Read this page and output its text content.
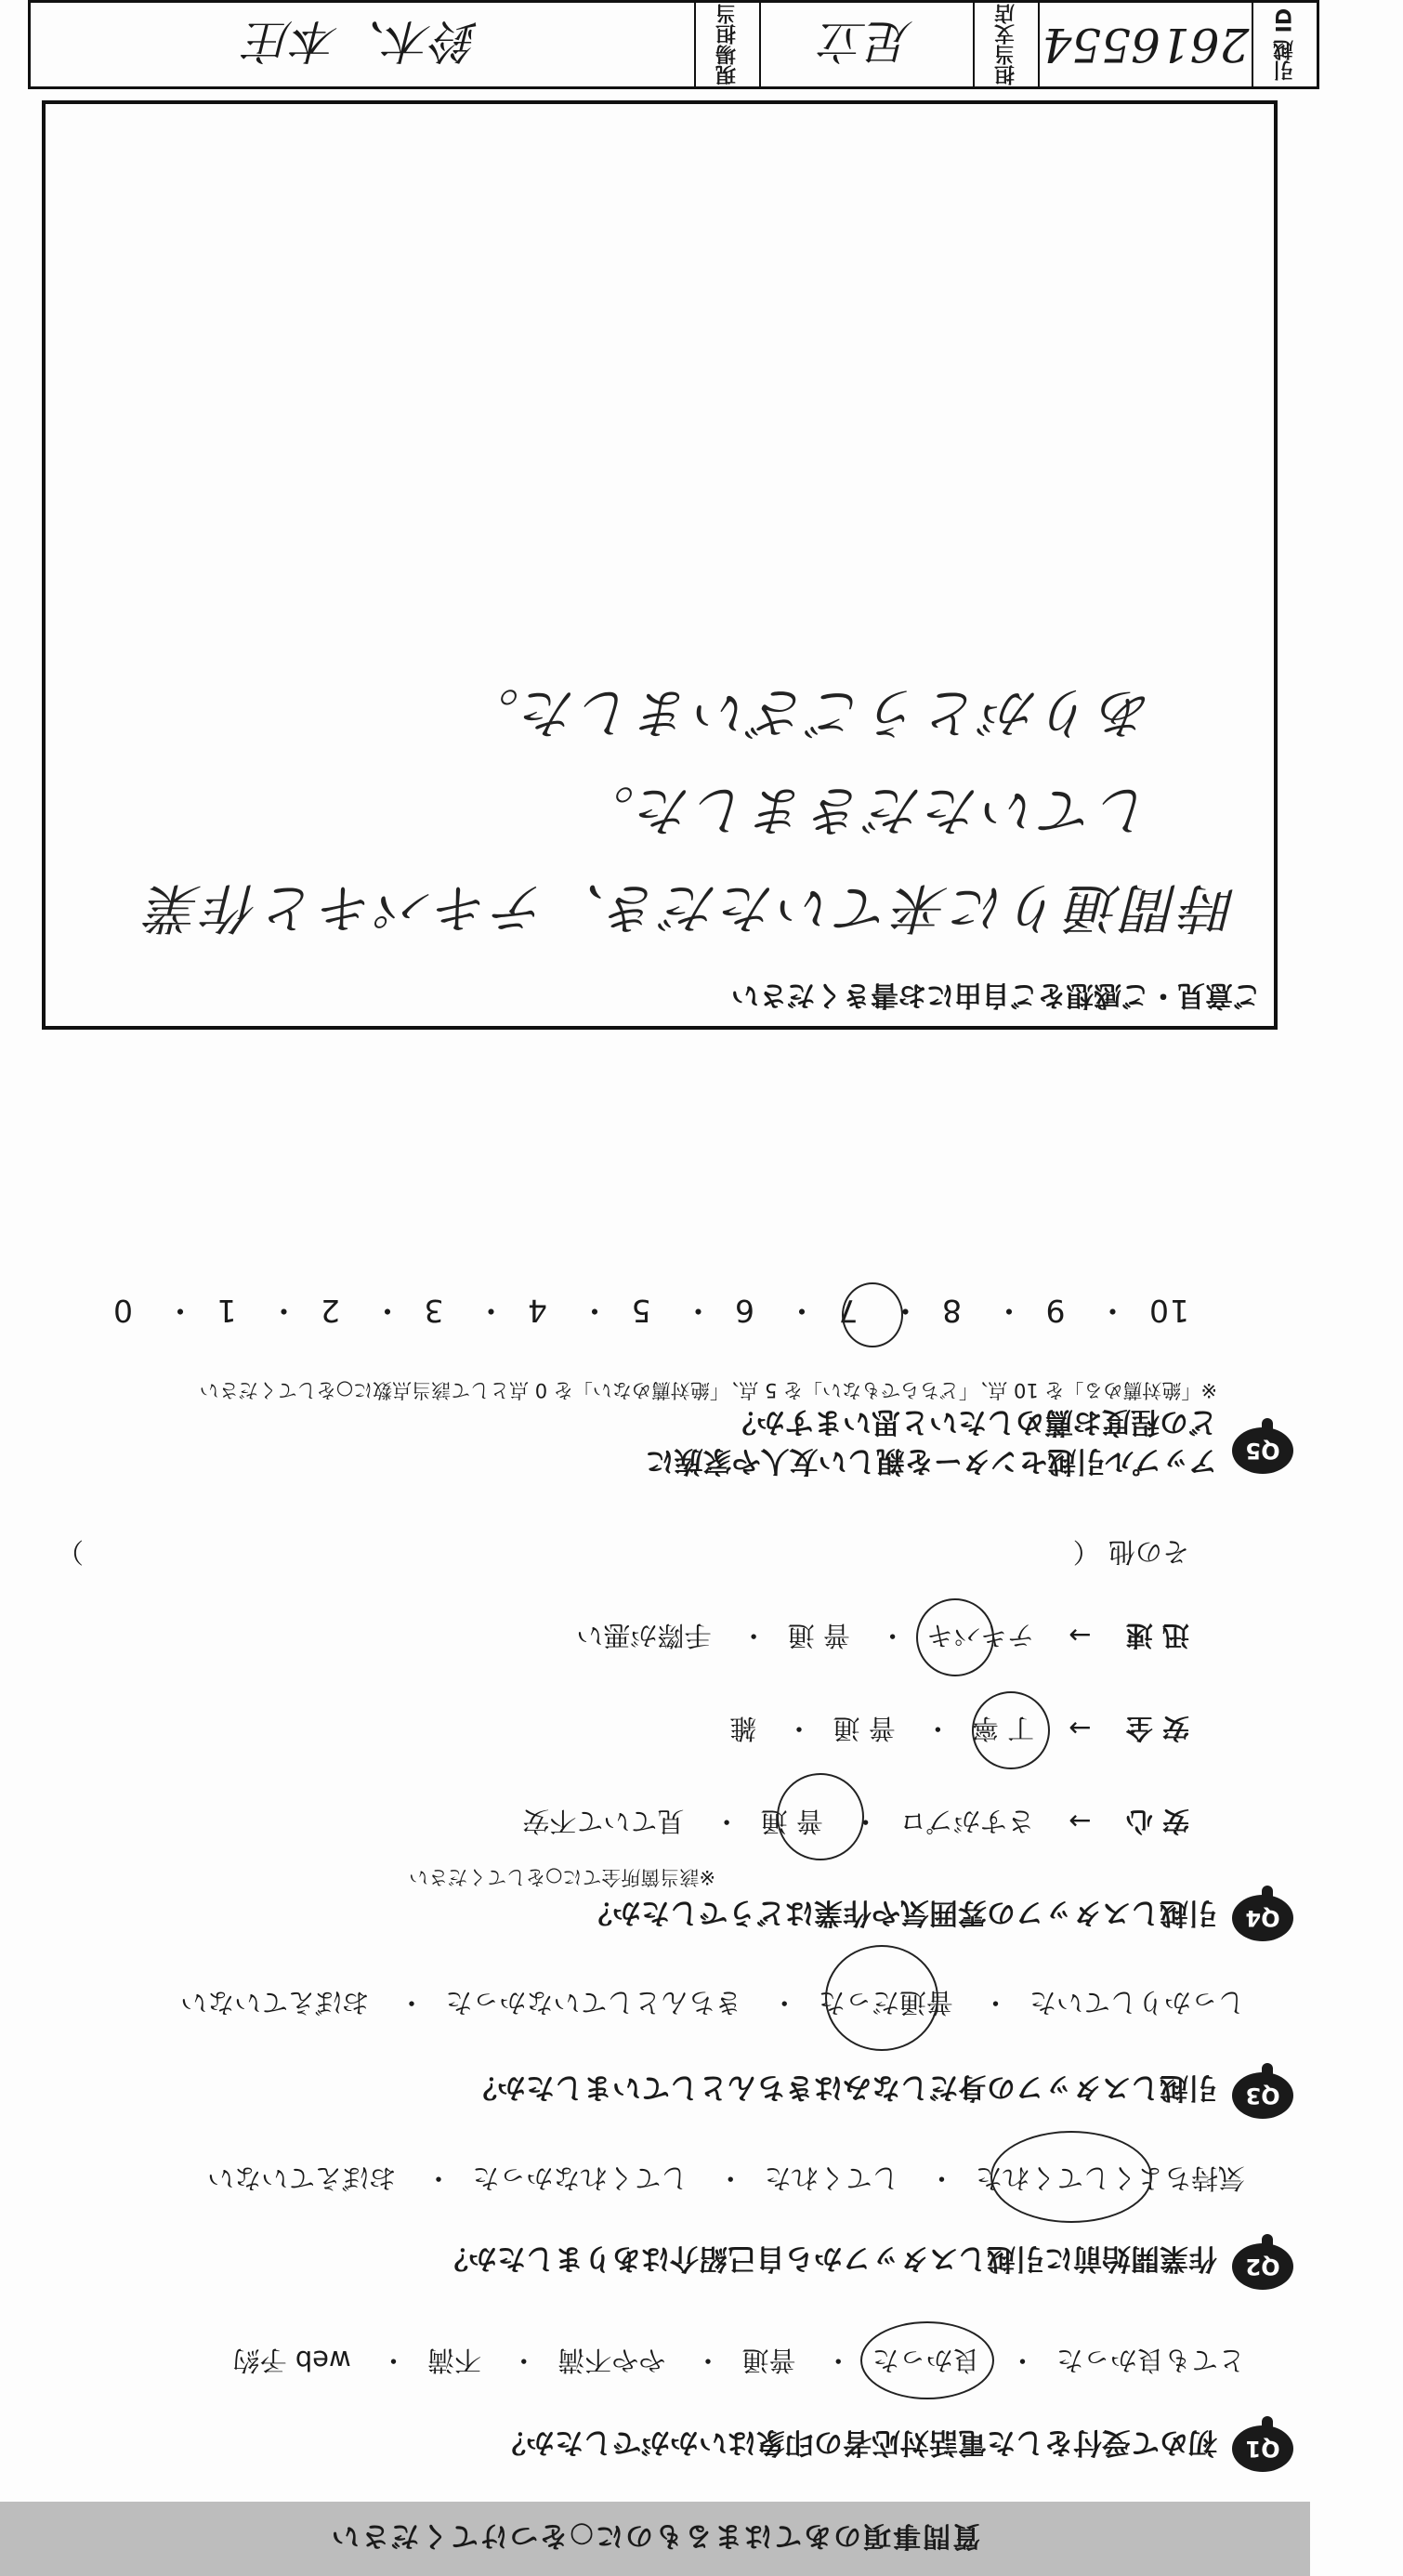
質問事項のあてはまるものに○をつけてください
Q1
初めて受付をした電話対応者の印象はいかがでしたか？
とても良かった・ 良かった・ 普通・ やや不満・ 不満・ web 予約
Q2
作業開始前に引越しスタッフから自己紹介はありましたか？
気持ちよくしてくれた・ してくれた・ してくれなかった・ おぼえていない
Q3
引越しスタッフの身だしなみはきちんとしていましたか？
しっかりしていた・ 普通だった・ きちんとしていなかった・ おぼえていない
Q4
引越しスタッフの雰囲気や作業はどうでしたか？
※該当箇所全てに○をしてください
安 心 → さすがプロ・ 普 通・ 見ていて不安
安 全 → 丁 寧・ 普 通・ 雑
迅 速 → テキパキ・ 普 通・ 手際が悪い
その他 （
）
Q5
アップル引越センターを親しい友人や家族に
どの程度お薦めしたいと思いますか？
※「絶対薦める」を 10 点、「どちらでもない」を 5 点、「絶対薦めない」を 0 点として該当点数に○をしてください
10・ 9・ 8・ 7・ 6・ 5・ 4・ 3・ 2・ 1・ 0
ご意見・ご感想をご自由にお書きください
時間通りに来ていただき、テキパキと作業
していただきました。
ありがとうございました。
引越 ID
2616554
担当支店
足立
現場担当
鈴木、本庄
